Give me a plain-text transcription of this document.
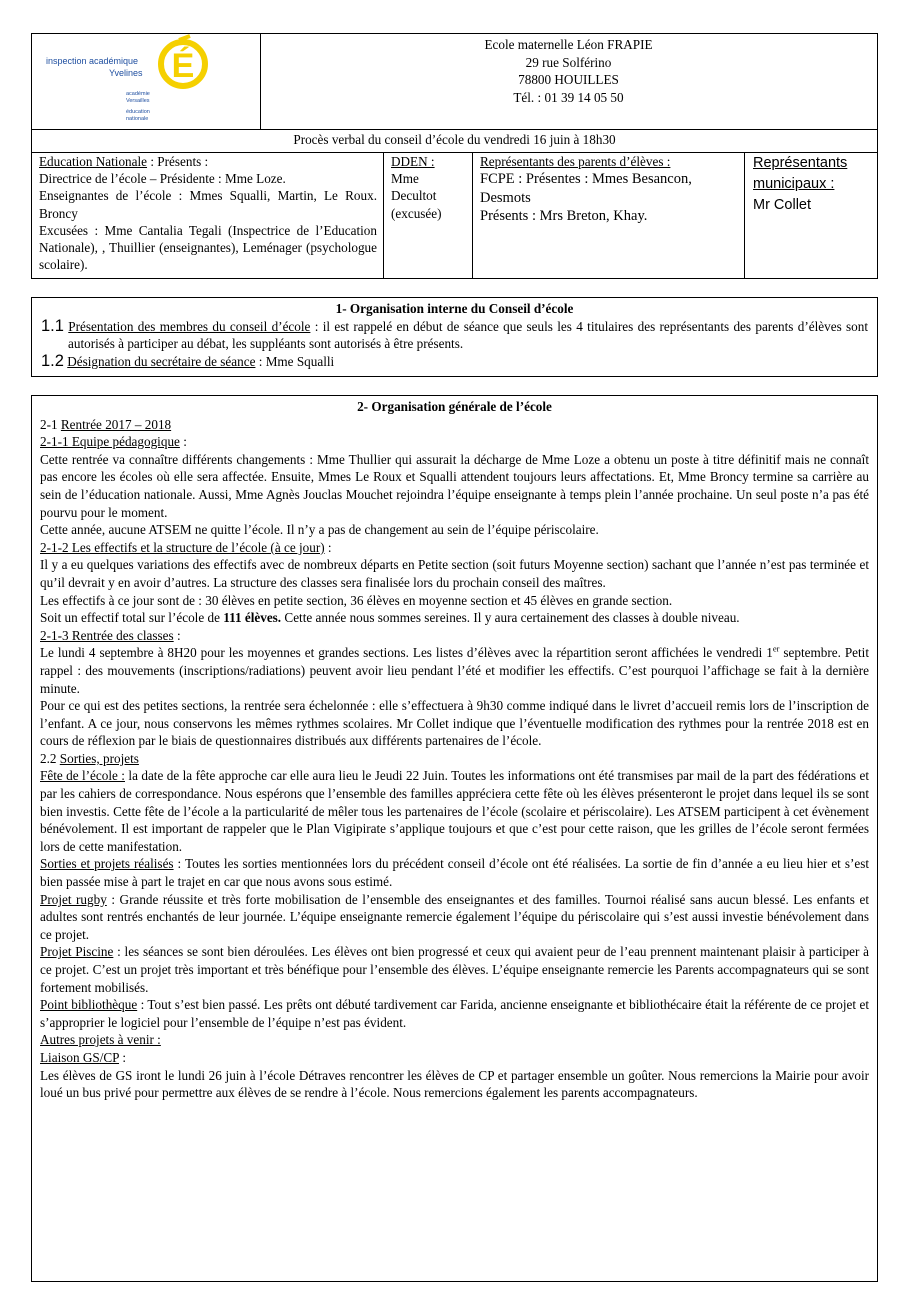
É
inspection académique
Yvelines
académie
Versailles
éducation
nationale
Ecole maternelle Léon FRAPIE
29 rue Solférino
78800 HOUILLES
Tél. : 01 39 14 05 50
Procès verbal du conseil d’école du vendredi 16 juin à 18h30
Education Nationale : Présents :
Directrice de l’école – Présidente : Mme Loze.
Enseignantes de l’école : Mmes Squalli, Martin, Le Roux. Broncy
Excusées : Mme Cantalia Tegali (Inspectrice de l’Education Nationale), , Thuillier (enseignantes), Leménager (psychologue scolaire).
DDEN :
Mme
Decultot
(excusée)
Représentants des parents d’élèves :
FCPE : Présentes : Mmes Besancon, Desmots
Présents : Mrs Breton, Khay.
Représentants municipaux :
Mr Collet
1- Organisation interne du Conseil d’école
1.1 Présentation des membres du conseil d’école : il est rappelé en début de séance que seuls les 4 titulaires des représentants des parents d’élèves sont autorisés à participer au débat, les suppléants sont autorisés à être présents.
1.2 Désignation du secrétaire de séance : Mme Squalli
2- Organisation générale de l’école

2-1 Rentrée 2017 – 2018

2-1-1 Equipe pédagogique :

Cette rentrée va connaître différents changements : Mme Thullier qui assurait la décharge de Mme Loze a obtenu un poste à titre définitif mais ne connaît pas encore les écoles où elle sera affectée. Ensuite, Mmes Le Roux et Squalli attendent toujours leurs affectations. Et, Mme Broncy termine sa carrière au sein de l’éducation nationale. Aussi, Mme Agnès Jouclas Mouchet rejoindra l’équipe enseignante à temps plein l’année prochaine. Un seul poste n’a pas été pourvu pour le moment.

Cette année, aucune ATSEM ne quitte l’école. Il n’y a pas de changement au sein de l’équipe périscolaire.

2-1-2 Les effectifs et la structure de l’école (à ce jour) :

Il y a eu quelques variations des effectifs avec de nombreux départs en Petite section (soit futurs Moyenne section) sachant que l’année n’est pas terminée et qu’il devrait y en avoir d’autres. La structure des classes sera finalisée lors du prochain conseil des maîtres.

Les effectifs à ce jour sont de : 30 élèves en petite section, 36 élèves en moyenne section et 45 élèves en grande section.

Soit un effectif total sur l’école de 111 élèves. Cette année nous sommes sereines. Il y aura certainement des classes à double niveau.

2-1-3 Rentrée des classes :

Le lundi 4 septembre à 8H20 pour les moyennes et grandes sections. Les listes d’élèves avec la répartition seront affichées le vendredi 1er septembre. Petit rappel : des mouvements (inscriptions/radiations) peuvent avoir lieu pendant l’été et modifier les effectifs. C’est pourquoi l’affichage se fait à la dernière minute.

Pour ce qui est des petites sections, la rentrée sera échelonnée : elle s’effectuera à 9h30 comme indiqué dans le livret d’accueil remis lors de l’inscription de l’enfant. A ce jour, nous conservons les mêmes rythmes scolaires. Mr Collet indique que l’éventuelle modification des rythmes pour la rentrée 2018 est en cours de réflexion par le biais de questionnaires distribués aux différents partenaires de l’école.

2.2 Sorties, projets

Fête de l’école : la date de la fête approche car elle aura lieu le Jeudi 22 Juin. Toutes les informations ont été transmises par mail de la part des fédérations et par les cahiers de correspondance. Nous espérons que l’ensemble des familles appréciera cette fête où les élèves présenteront le projet dans lequel ils se sont bien investis. Cette fête de l’école a la particularité de mêler tous les partenaires de l’école (scolaire et périscolaire). Les ATSEM participent à cet évènement bénévolement. Il est important de rappeler que le Plan Vigipirate s’applique toujours et que c’est pour cette raison, que les grilles de l’école seront fermées lors de cette manifestation.

Sorties et projets réalisés : Toutes les sorties mentionnées lors du précédent conseil d’école ont été réalisées. La sortie de fin d’année a eu lieu hier et s’est bien passée mise à part le trajet en car que nous avons sous estimé.

Projet rugby : Grande réussite et très forte mobilisation de l’ensemble des enseignantes et des familles. Tournoi réalisé sans aucun blessé. Les enfants et adultes sont rentrés enchantés de leur journée. L’équipe enseignante remercie également l’équipe du périscolaire qui s’est aussi investie bénévolement dans ce projet.

Projet Piscine : les séances se sont bien déroulées. Les élèves ont bien progressé et ceux qui avaient peur de l’eau prennent maintenant plaisir à participer à ce projet. C’est un projet très important et très bénéfique pour l’ensemble des élèves. L’équipe enseignante remercie les Parents accompagnateurs qui se sont fortement mobilisés.

Point bibliothèque : Tout s’est bien passé. Les prêts ont débuté tardivement car Farida, ancienne enseignante et bibliothécaire était la référente de ce projet et s’approprier le logiciel pour l’ensemble de l’équipe n’est pas évident.

Autres projets à venir :

Liaison GS/CP :

Les élèves de GS iront le lundi 26 juin à l’école Détraves rencontrer les élèves de CP et partager ensemble un goûter. Nous remercions la Mairie pour avoir loué un bus privé pour permettre aux élèves de se rendre à l’école. Nous remercions également les parents accompagnateurs.
